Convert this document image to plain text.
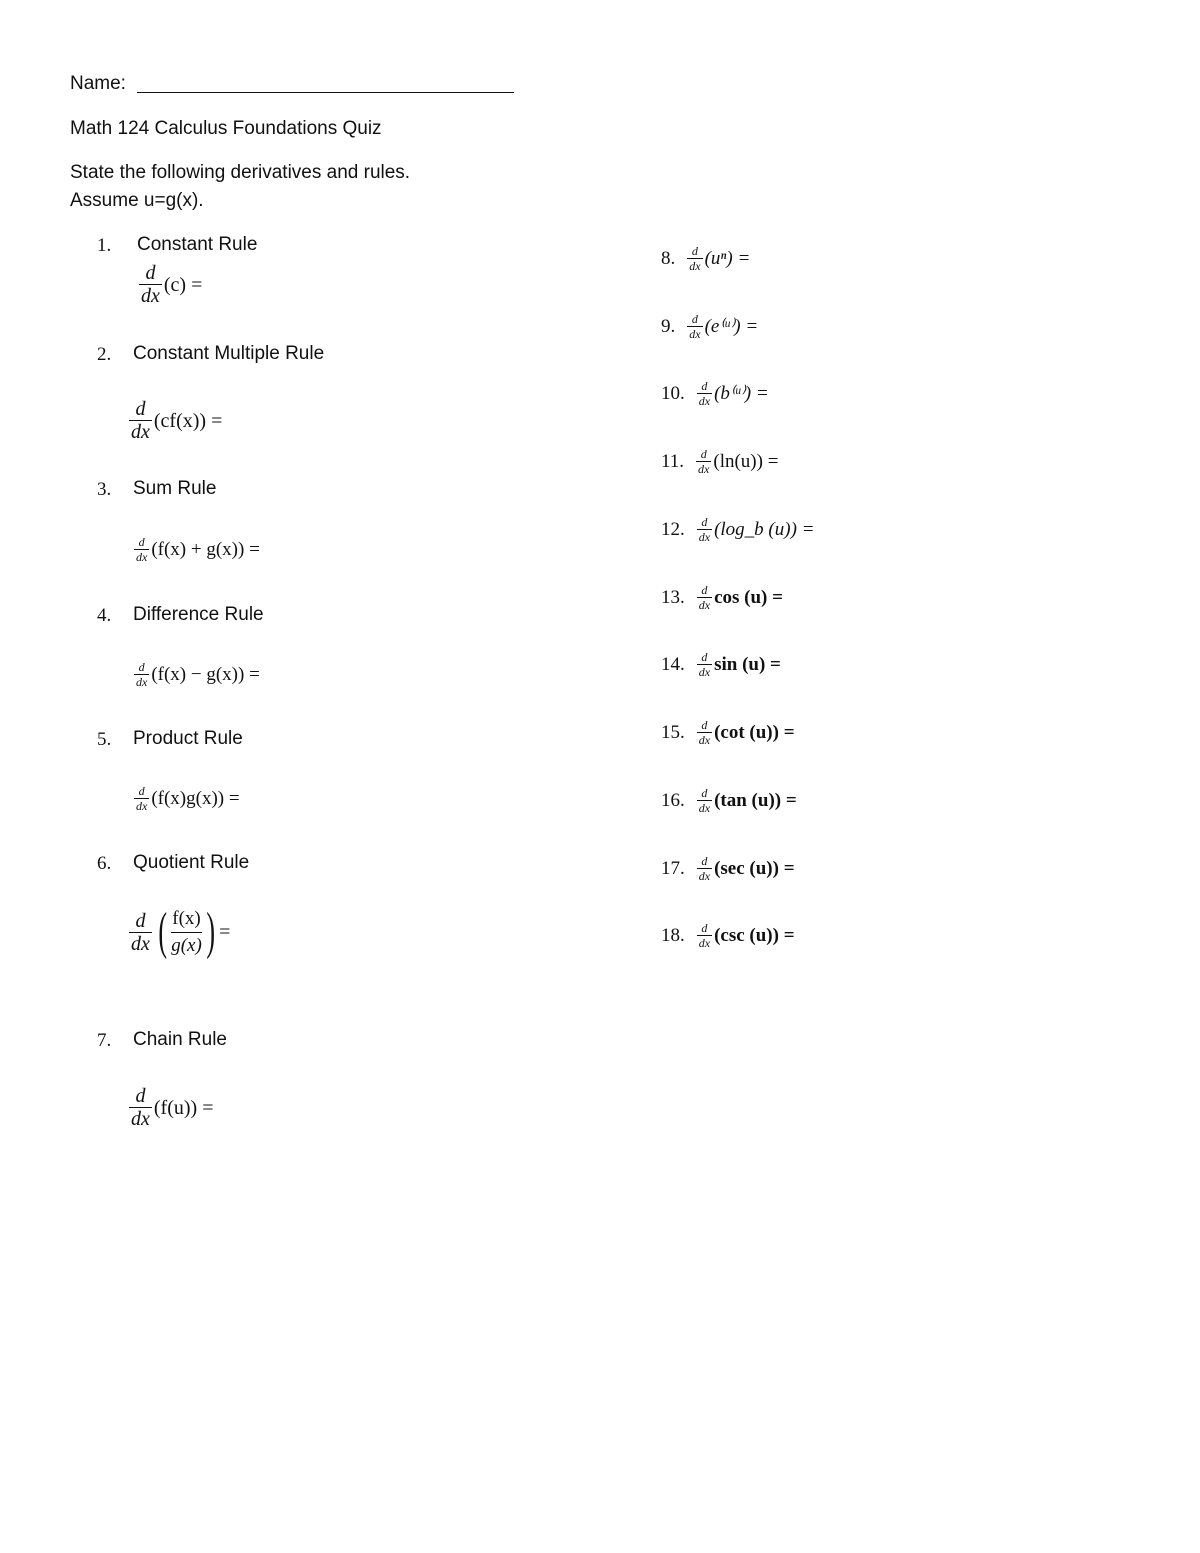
Name:
Math 124 Calculus Foundations Quiz
State the following derivatives and rules.
Assume u=g(x).
1. Constant Rule
$\frac{d}{dx} (c)$ =
2. Constant Multiple Rule
$\frac{d}{dx} (cf(x))$ =
3. Sum Rule
$\frac{d}{dx} (f(x) + g(x))$ =
4. Difference Rule
$\frac{d}{dx} (f(x) - g(x))$ =
5. Product Rule
$\frac{d}{dx} (f(x)g(x))$ =
6. Quotient Rule
$\frac{d}{dx}$ ( f(x)
g(x) ) =
7. Chain Rule
$\frac{d}{dx} (f(u))$ =
8. $\frac{d}{dx} (u^n)$ =
9. $\frac{d}{dx}$ (e⁽ᵘ⁾) =
10. $\frac{d}{dx}$ (b⁽ᵘ⁾) =
11. $\frac{d}{dx} (\ln(u))$ =
12. $\frac{d}{dx}$ (log_b (u)) =
13. $\frac{d}{dx}$ cos (u) =
14. $\frac{d}{dx}$ sin (u) =
15. $\frac{d}{dx} (\cot$ (u)) =
16. $\frac{d}{dx} (\tan$ (u)) =
17. $\frac{d}{dx} (\sec$ (u)) =
18. $\frac{d}{dx} (\csc$ (u)) =
